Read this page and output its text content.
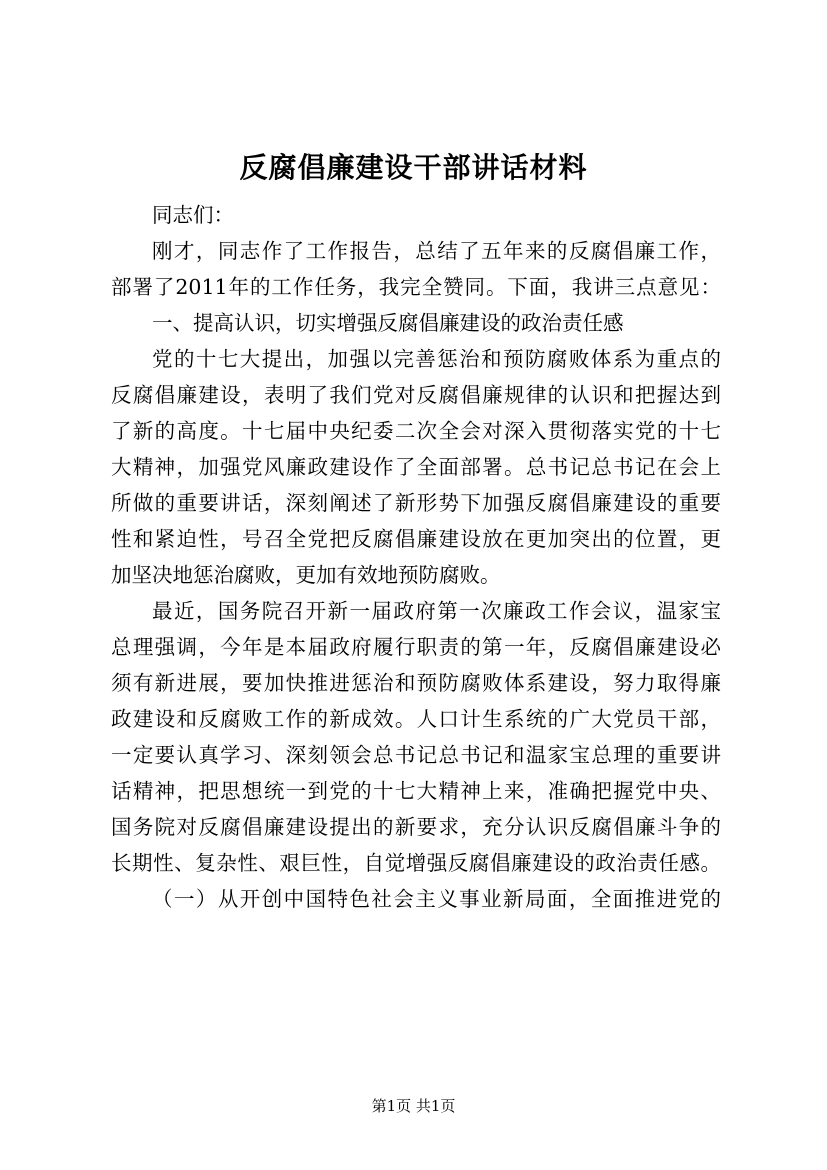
反腐倡廉建设干部讲话材料
同志们：
刚才，同志作了工作报告，总结了五年来的反腐倡廉工作，
部署了2011年的工作任务，我完全赞同。下面，我讲三点意见：
一、提高认识，切实增强反腐倡廉建设的政治责任感
党的十七大提出，加强以完善惩治和预防腐败体系为重点的
反腐倡廉建设，表明了我们党对反腐倡廉规律的认识和把握达到
了新的高度。十七届中央纪委二次全会对深入贯彻落实党的十七
大精神，加强党风廉政建设作了全面部署。总书记总书记在会上
所做的重要讲话，深刻阐述了新形势下加强反腐倡廉建设的重要
性和紧迫性，号召全党把反腐倡廉建设放在更加突出的位置，更
加坚决地惩治腐败，更加有效地预防腐败。
最近，国务院召开新一届政府第一次廉政工作会议，温家宝
总理强调，今年是本届政府履行职责的第一年，反腐倡廉建设必
须有新进展，要加快推进惩治和预防腐败体系建设，努力取得廉
政建设和反腐败工作的新成效。人口计生系统的广大党员干部，
一定要认真学习、深刻领会总书记总书记和温家宝总理的重要讲
话精神，把思想统一到党的十七大精神上来，准确把握党中央、
国务院对反腐倡廉建设提出的新要求，充分认识反腐倡廉斗争的
长期性、复杂性、艰巨性，自觉增强反腐倡廉建设的政治责任感。
（一）从开创中国特色社会主义事业新局面，全面推进党的
第1页 共1页
